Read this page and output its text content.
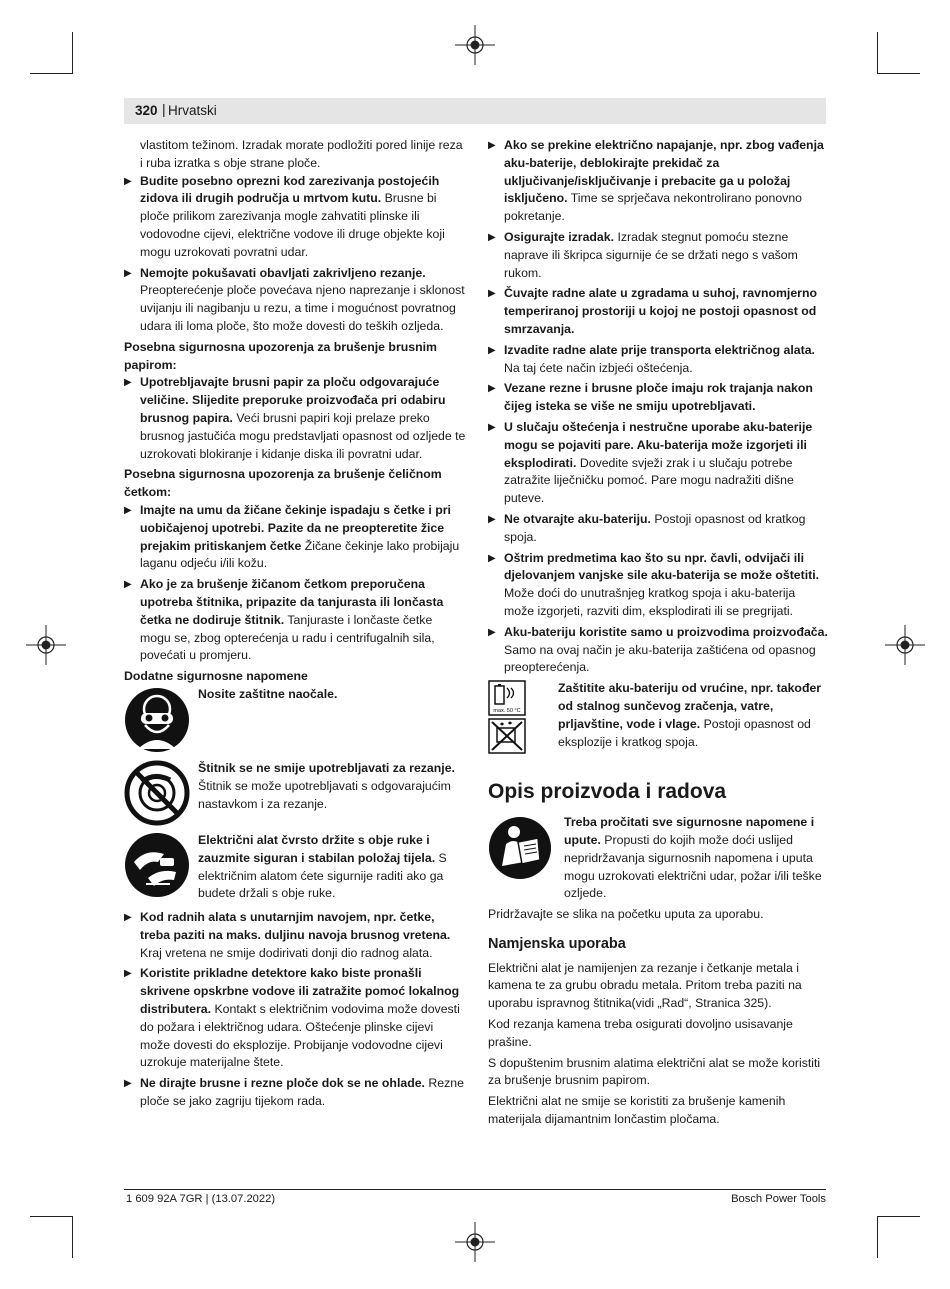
320 | Hrvatski

vlastitom težinom. Izradak morate podložiti pored linije reza i ruba izratka s obje strane ploče.

▶ Budite posebno oprezni kod zarezivanja postojećih zidova ili drugih područja u mrtvom kutu. Brusne bi ploče prilikom zarezivanja mogle zahvatiti plinske ili vodovodne cijevi, električne vodove ili druge objekte koji mogu uzrokovati povratni udar.
▶ Nemojte pokušavati obavljati zakrivljeno rezanje. Preopterećenje ploče povećava njeno naprezanje i sklonost uvijanju ili nagibanju u rezu, a time i mogućnost povratnog udara ili loma ploče, što može dovesti do teških ozljeda.

Posebna sigurnosna upozorenja za brušenje brusnim papirom:

▶ Upotrebljavajte brusni papir za ploču odgovarajuće veličine. Slijedite preporuke proizvođača pri odabiru brusnog papira. Veći brusni papiri koji prelaze preko brusnog jastučića mogu predstavljati opasnost od ozljede te uzrokovati blokiranje i kidanje diska ili povratni udar.

Posebna sigurnosna upozorenja za brušenje čeličnom četkom:

▶ Imajte na umu da žičane čekinje ispadaju s četke i pri uobičajenoj upotrebi. Pazite da ne preopteretite žice prejakim pritiskanjem četke Žičane čekinje lako probijaju laganu odjeću i/ili kožu.
▶ Ako je za brušenje žičanom četkom preporučena upotreba štitnika, pripazite da tanjurasta ili lončasta četka ne dodiruje štitnik. Tanjuraste i lončaste četke mogu se, zbog opterećenja u radu i centrifugalnih sila, povećati u promjeru.

Dodatne sigurnosne napomene

Nosite zaštitne naočale.
Štitnik se ne smije upotrebljavati za rezanje. Štitnik se može upotrebljavati s odgovarajućim nastavkom i za rezanje.
Električni alat čvrsto držite s obje ruke i zauzmite siguran i stabilan položaj tijela. S električnim alatom ćete sigurnije raditi ako ga budete držali s obje ruke.
▶ Kod radnih alata s unutarnjim navojem, npr. četke, treba paziti na maks. duljinu navoja brusnog vretena. Kraj vretena ne smije dodirivati donji dio radnog alata.
▶ Koristite prikladne detektore kako biste pronašli skrivene opskrbne vodove ili zatražite pomoć lokalnog distributera. Kontakt s električnim vodovima može dovesti do požara i električnog udara. Oštećenje plinske cijevi može dovesti do eksplozije. Probijanje vodovodne cijevi uzrokuje materijalne štete.
▶ Ne dirajte brusne i rezne ploče dok se ne ohlade. Rezne ploče se jako zagriju tijekom rada.
▶ Ako se prekine električno napajanje, npr. zbog vađenja aku-baterije, deblokirajte prekidač za uključivanje/isključivanje i prebacite ga u položaj isključeno. Time se sprječava nekontrolirano ponovno pokretanje.
▶ Osigurajte izradak. Izradak stegnut pomoću stezne naprave ili škripca sigurnije će se držati nego s vašom rukom.
▶ Čuvajte radne alate u zgradama u suhoj, ravnomjerno temperiranoj prostoriji u kojoj ne postoji opasnost od smrzavanja.
▶ Izvadite radne alate prije transporta električnog alata. Na taj ćete način izbjeći oštećenja.
▶ Vezane rezne i brusne ploče imaju rok trajanja nakon čijeg isteka se više ne smiju upotrebljavati.
▶ U slučaju oštećenja i nestručne uporabe aku-baterije mogu se pojaviti pare. Aku-baterija može izgorjeti ili eksplodirati. Dovedite svježi zrak i u slučaju potrebe zatražite liječničku pomoć. Pare mogu nadražiti dišne puteve.
▶ Ne otvarajte aku-bateriju. Postoji opasnost od kratkog spoja.
▶ Oštrim predmetima kao što su npr. čavli, odvijači ili djelovanjem vanjske sile aku-baterija se može oštetiti. Može doći do unutrašnjeg kratkog spoja i aku-baterija može izgorjeti, razviti dim, eksplodirati ili se pregrijati.
▶ Aku-bateriju koristite samo u proizvodima proizvođača. Samo na ovaj način je aku-baterija zaštićena od opasnog preopterećenja.
max. 50 °C
Zaštitite aku-bateriju od vrućine, npr. također od stalnog sunčevog zračenja, vatre, prljavštine, vode i vlage. Postoji opasnost od eksplozije i kratkog spoja.
Opis proizvoda i radova
Treba pročitati sve sigurnosne napomene i upute. Propusti do kojih može doći uslijed nepridržavanja sigurnosnih napomena i uputa mogu uzrokovati električni udar, požar i/ili teške ozljede.

Pridržavajte se slika na početku uputa za uporabu.

Namjenska uporaba

Električni alat je namijenjen za rezanje i četkanje metala i kamena te za grubu obradu metala. Pritom treba paziti na uporabu ispravnog štitnika(vidi „Rad“, Stranica 325).

Kod rezanja kamena treba osigurati dovoljno usisavanje prašine.

S dopuštenim brusnim alatima električni alat se može koristiti za brušenje brusnim papirom.

Električni alat ne smije se koristiti za brušenje kamenih materijala dijamantnim lončastim pločama.

1 609 92A 7GR | (13.07.2022)	Bosch Power Tools
